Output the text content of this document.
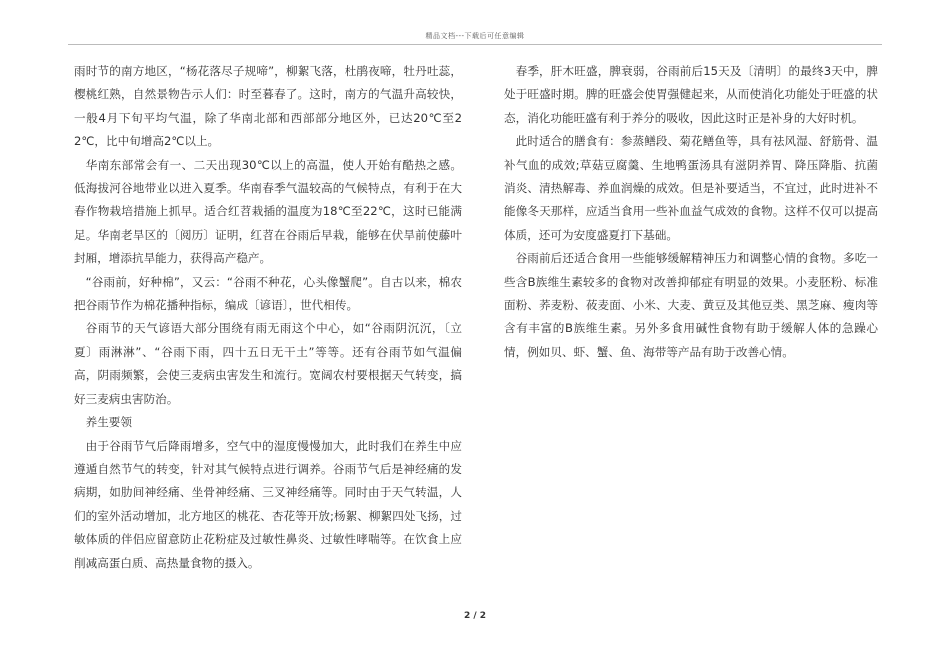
精品文档---下载后可任意编辑

雨时节的南方地区，“杨花落尽子规啼”，柳絮飞落，杜鹃夜啼，牡丹吐蕊，樱桃红熟，自然景物告示人们：时至暮春了。这时，南方的气温升高较快，一般4月下旬平均气温，除了华南北部和西部部分地区外，已达20℃至22℃，比中旬增高2℃以上。

华南东部常会有一、二天出现30℃以上的高温，使人开始有酷热之感。 低海拔河谷地带业以进入夏季。华南春季气温较高的气候特点，有利于在大春作物栽培措施上抓早。适合红苕栽插的温度为18℃至22℃，这时已能满足。华南老旱区的〔阅历〕证明，红苕在谷雨后早栽，能够在伏旱前使藤叶封厢，增添抗旱能力，获得高产稳产。

“谷雨前，好种棉”，又云：“谷雨不种花，心头像蟹爬”。自古以来，棉农把谷雨节作为棉花播种指标，编成〔谚语〕，世代相传。

谷雨节的天气谚语大部分围绕有雨无雨这个中心，如“谷雨阴沉沉，〔立夏〕雨淋淋”、“谷雨下雨，四十五日无干土”等等。还有谷雨节如气温偏高，阴雨频繁，会使三麦病虫害发生和流行。宽阔农村要根据天气转变，搞好三麦病虫害防治。

养生要领

由于谷雨节气后降雨增多，空气中的湿度慢慢加大，此时我们在养生中应遵遁自然节气的转变，针对其气候特点进行调养。谷雨节气后是神经痛的发病期，如肋间神经痛、坐骨神经痛、三叉神经痛等。同时由于天气转温，人们的室外活动增加，北方地区的桃花、杏花等开放;杨絮、柳絮四处飞扬，过敏体质的伴侣应留意防止花粉症及过敏性鼻炎、过敏性哮喘等。在饮食上应削减高蛋白质、高热量食物的摄入。

春季，肝木旺盛，脾衰弱，谷雨前后15天及〔清明〕的最终3天中，脾处于旺盛时期。脾的旺盛会使胃强健起来，从而使消化功能处于旺盛的状态，消化功能旺盛有利于养分的吸收，因此这时正是补身的大好时机。

此时适合的膳食有：参蒸鳝段、菊花鳝鱼等，具有祛风湿、舒筋骨、温补气血的成效;草菇豆腐羹、生地鸭蛋汤具有滋阴养胃、降压降脂、抗菌消炎、清热解毒、养血润燥的成效。但是补要适当，不宜过，此时进补不能像冬天那样，应适当食用一些补血益气成效的食物。这样不仅可以提高体质，还可为安度盛夏打下基础。

谷雨前后还适合食用一些能够缓解精神压力和调整心情的食物。多吃一些含B族维生素较多的食物对改善抑郁症有明显的效果。小麦胚粉、标准面粉、荞麦粉、莜麦面、小米、大麦、黄豆及其他豆类、黑芝麻、瘦肉等含有丰富的B族维生素。另外多食用碱性食物有助于缓解人体的急躁心情，例如贝、虾、蟹、鱼、海带等产品有助于改善心情。

2 / 2
